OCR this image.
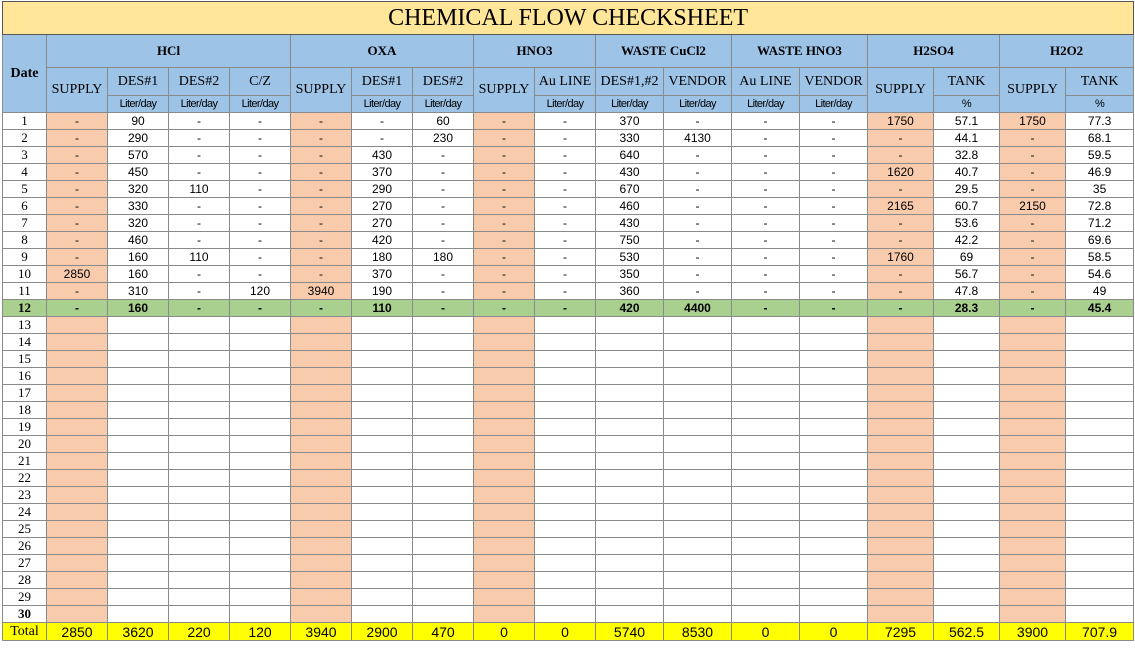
CHEMICAL FLOW CHECKSHEET																	
Date	HCl				OXA			HNO3		WASTE CuCl2		WASTE HNO3		H2SO4		H2O2	
	SUPPLY	DES#1	DES#2	C/Z	SUPPLY	DES#1	DES#2	SUPPLY	Au LINE	DES#1,#2	VENDOR	Au LINE	VENDOR	SUPPLY	TANK	SUPPLY	TANK
		Liter/day	Liter/day	Liter/day		Liter/day	Liter/day		Liter/day	Liter/day	Liter/day	Liter/day	Liter/day		%		%
1	-	90	-	-	-	-	60	-	-	370	-	-	-	1750	57.1	1750	77.3
2	-	290	-	-	-	-	230	-	-	330	4130	-	-	-	44.1	-	68.1
3	-	570	-	-	-	430	-	-	-	640	-	-	-	-	32.8	-	59.5
4	-	450	-	-	-	370	-	-	-	430	-	-	-	1620	40.7	-	46.9
5	-	320	110	-	-	290	-	-	-	670	-	-	-	-	29.5	-	35
6	-	330	-	-	-	270	-	-	-	460	-	-	-	2165	60.7	2150	72.8
7	-	320	-	-	-	270	-	-	-	430	-	-	-	-	53.6	-	71.2
8	-	460	-	-	-	420	-	-	-	750	-	-	-	-	42.2	-	69.6
9	-	160	110	-	-	180	180	-	-	530	-	-	-	1760	69	-	58.5
10	2850	160	-	-	-	370	-	-	-	350	-	-	-	-	56.7	-	54.6
11	-	310	-	120	3940	190	-	-	-	360	-	-	-	-	47.8	-	49
12	-	160	-	-	-	110	-	-	-	420	4400	-	-	-	28.3	-	45.4
13																	
14																	
15																	
16																	
17																	
18																	
19																	
20																	
21																	
22																	
23																	
24																	
25																	
26																	
27																	
28																	
29																	
30																	
Total	2850	3620	220	120	3940	2900	470	0	0	5740	8530	0	0	7295	562.5	3900	707.9
